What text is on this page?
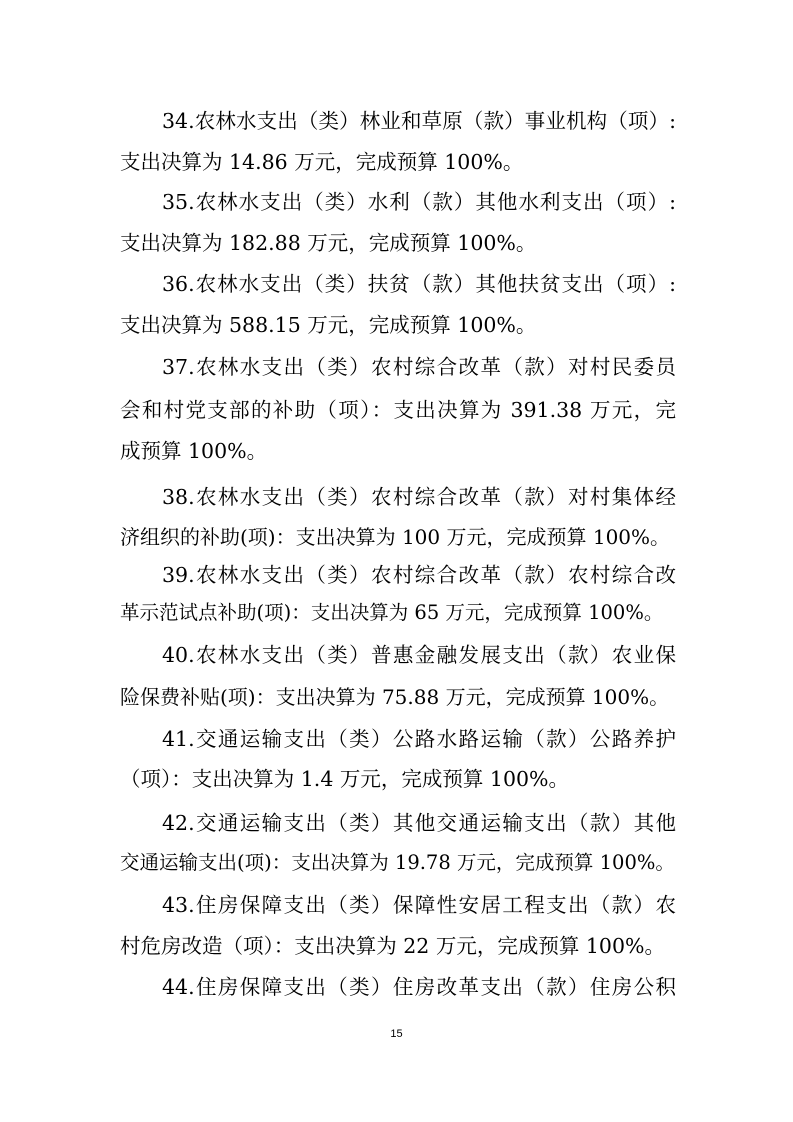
34.农林水支出（类）林业和草原（款）事业机构（项）:
支出决算为 14.86 万元，完成预算 100%。
35.农林水支出（类）水利（款）其他水利支出（项）:
支出决算为 182.88 万元，完成预算 100%。
36.农林水支出（类）扶贫（款）其他扶贫支出（项）:
支出决算为 588.15 万元，完成预算 100%。
37.农林水支出（类）农村综合改革（款）对村民委员
会和村党支部的补助（项）：支出决算为 391.38 万元，完
成预算 100%。
38.农林水支出（类）农村综合改革（款）对村集体经
济组织的补助(项)：支出决算为 100 万元，完成预算 100%。
39.农林水支出（类）农村综合改革（款）农村综合改
革示范试点补助(项)：支出决算为 65 万元，完成预算 100%。
40.农林水支出（类）普惠金融发展支出（款）农业保
险保费补贴(项)：支出决算为 75.88 万元，完成预算 100%。
41.交通运输支出（类）公路水路运输（款）公路养护
（项）：支出决算为 1.4 万元，完成预算 100%。
42.交通运输支出（类）其他交通运输支出（款）其他
交通运输支出(项)：支出决算为 19.78 万元，完成预算 100%。
43.住房保障支出（类）保障性安居工程支出（款）农
村危房改造（项）：支出决算为 22 万元，完成预算 100%。
44.住房保障支出（类）住房改革支出（款）住房公积
15
